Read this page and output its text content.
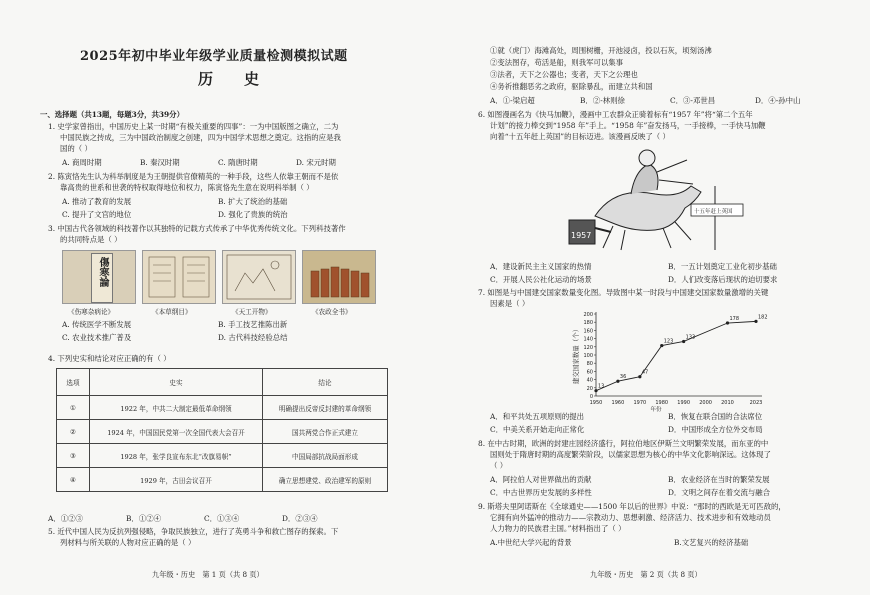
2025年初中毕业年级学业质量检测模拟试题
历　史
一、选择题（共13题，每题3分，共39分）
1. 史学家曾指出，中国历史上某一时期“有极关重要的四事”：一为中国版图之确立，二为
中国民族之抟成，三为中国政治制度之创建，四为中国学术思想之奠定。这指的应是我
国的（ ）
A. 商周时期	B. 秦汉时期	C. 隋唐时期	D. 宋元时期
2. 陈寅恪先生认为科举制度是为王朝提供官僚精英的一种手段，这些人依靠王朝而不是依
靠高贵的世系和世袭的特权取得地位和权力，陈寅恪先生意在说明科举制（ ）
A. 推动了教育的发展	B. 扩大了统治的基础
C. 提升了文官的地位	D. 强化了贵族的统治
3. 中国古代各领域的科技著作以其独特的记载方式传承了中华优秀传统文化。下列科技著作
的共同特点是（ ）
傷寒論
《伤寒杂病论》	《本草纲目》	《天工开物》	《农政全书》
A. 传统医学不断发展	B. 手工技艺推陈出新
C. 农业技术推广普及	D. 古代科技经验总结
4. 下列史实和结论对应正确的有（ ）
选项	史实	结论
①	1922 年，中共二大制定最低革命纲领	明确提出反帝反封建的革命纲领
②	1924 年，中国国民党第一次全国代表大会召开	国共两党合作正式建立
③	1928 年，张学良宣布东北“改旗易帜”	中国局部抗战局面形成
④	1929 年，古田会议召开	确立思想建党、政治建军的原则
A．①②③	B．①②④	C．①③④	D．②③④
5. 近代中国人民为反抗列强侵略，争取民族独立，进行了英勇斗争和救亡图存的探索。下
列材料与所关联的人物对应正确的是（ ）
九年级・历史　第 1 页（共 8 页）
①就（虎门）海滩高处，周围树栅，开池浸卤，投以石灰，顷刻汤沸
②变法图存，苟活是船，则我军可以集事
③法者，天下之公器也；变者，天下之公理也
④务祈推翻恶劣之政府，驱除暴乱，而建立共和国
A．①-梁启超	B．②-林则徐	C．③-邓世昌	D．④-孙中山
6. 如图漫画名为《快马加鞭》，漫画中工农群众正骑着标有“1957 年”将“第二个五年
计划”的接力棒交到“1958 年”手上。“1958 年”奋发扬马，一手接棒，一手快马加鞭
向着“十五年赶上英国”的目标迈进。该漫画反映了（ ）
1957
十五年赶上英国
A．建设新民主主义国家的热情	B．一五计划奠定工业化初步基础
C．开展人民公社化运动的场景	D．人们改变落后现状的迫切要求
7. 如图是与中国建交国家数量变化图。导致图中某一时段与中国建交国家数量激增的关键
因素是（ ）
0
20
40
60
80
100
120
140
160
180
200
1950 1960 1970 1980 1990 2000 2010	2023
建交国家数量（个）
年份
13
36
47
123
133
178	182
A．和平共处五项原则的提出	B．恢复在联合国的合法席位
C．中美关系开始走向正常化	D．中国形成全方位外交布局
8. 在中古时期，欧洲的封建庄园经济盛行，阿拉伯地区伊斯兰文明繁荣发展，而东亚的中
国则处于隋唐时期的高度繁荣阶段，以儒家思想为核心的中华文化影响深远。这体现了
（ ）
A．阿拉伯人对世界做出的贡献	B．农业经济在当时的繁荣发展
C．中古世界历史发展的多样性	D．文明之间存在着交流与融合
9. 斯塔夫里阿诺斯在《全球通史——1500 年以后的世界》中说：“那时的西欧是无可匹敌的，
它拥有向外猛冲的推动力——宗教动力、思想刺激、经济活力、技术进步和有效地动员
人力物力的民族君主国。”材料指出了（ ）
A.中世纪大学兴起的背景	B.文艺复兴的经济基础
九年级・历史　第 2 页（共 8 页）
